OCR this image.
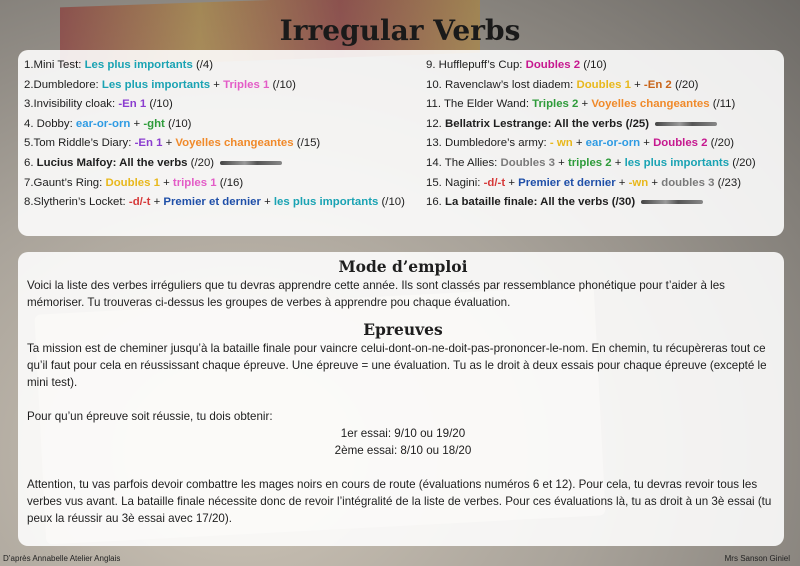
Irregular Verbs
1.Mini Test: Les plus importants (/4)
2.Dumbledore: Les plus importants + Triples 1 (/10)
3.Invisibility cloak: -En 1 (/10)
4. Dobby: ear-or-orn + -ght (/10)
5.Tom Riddle’s Diary: -En 1 + Voyelles changeantes (/15)
6. Lucius Malfoy: All the verbs (/20)
7.Gaunt’s Ring: Doubles 1 + triples 1 (/16)
8.Slytherin’s Locket: -d/-t + Premier et dernier + les plus importants (/10)
9. Hufflepuff’s Cup: Doubles 2 (/10)
10. Ravenclaw’s lost diadem: Doubles 1 + -En 2 (/20)
11. The Elder Wand: Triples 2 + Voyelles changeantes (/11)
12. Bellatrix Lestrange: All the verbs (/25)
13. Dumbledore’s army: - wn + ear-or-orn + Doubles 2 (/20)
14. The Allies: Doubles 3 + triples 2 + les plus importants (/20)
15. Nagini: -d/-t + Premier et dernier + -wn + doubles 3 (/23)
16. La bataille finale: All the verbs (/30)
Mode d’emploi

Voici la liste des verbes irréguliers que tu devras apprendre cette année. Ils sont classés par ressemblance phonétique pour t’aider à les mémoriser. Tu trouveras ci-dessus les groupes de verbes à apprendre pou chaque évaluation.

Epreuves

Ta mission est de cheminer jusqu’à la bataille finale pour vaincre celui-dont-on-ne-doit-pas-prononcer-le-nom. En chemin, tu récupèreras tout ce qu’il faut pour cela en réussissant chaque épreuve. Une épreuve = une évaluation. Tu as le droit à deux essais pour chaque épreuve (excepté le mini test).

Pour qu’un épreuve soit réussie, tu dois obtenir:

1er essai: 9/10 ou 19/20

2ème essai: 8/10 ou 18/20

Attention, tu vas parfois devoir combattre les mages noirs en cours de route (évaluations numéros 6 et 12). Pour cela, tu devras revoir tous les verbes vus avant. La bataille finale nécessite donc de revoir l’intégralité de la liste de verbes. Pour ces évaluations là, tu as droit à un 3è essai (tu peux la réussir au 3è essai avec 17/20).

D’après Annabelle Atelier Anglais	Mrs Sanson Giniel
